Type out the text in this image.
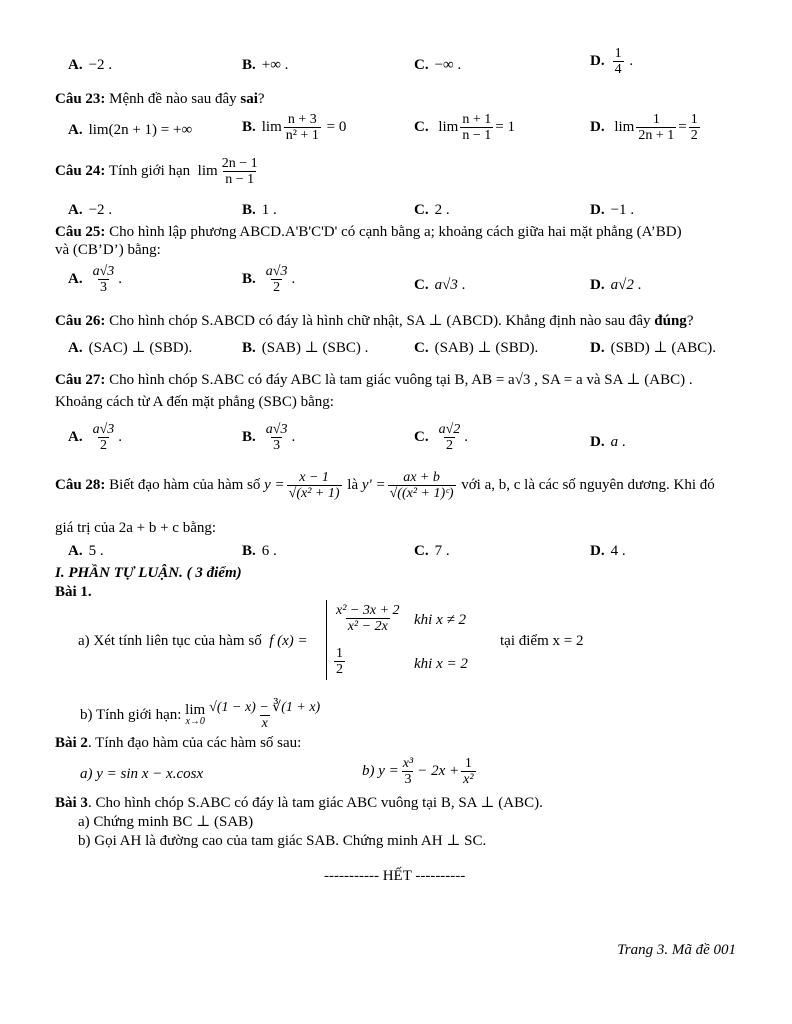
A. −2 .	B. +∞ .	C. −∞ .	D. $\frac{1}{4}$ .
Câu 23: Mệnh đề nào sau đây sai?
A. lim(2n + 1) = +∞	B. $\lim \frac{n + 3}{\text{n² + 1}} = 0$	C. $\lim \frac{n + 1}{n - 1} = 1$	D. $\lim \frac{1}{2n + 1} = \frac{1}{2}$
Câu 24: Tính giới hạn  $\lim \frac{2n - 1}{n - 1}$
A. −2 .	B. 1 .	C. 2 .	D. −1 .
Câu 25: Cho hình lập phương ABCD.A'B'C'D' có cạnh bằng a; khoảng cách giữa hai mặt phẳng (A’BD)
và (CB’D’) bằng:
A. $\frac{a√3}{3}$ .	B. $\frac{a√3}{2}$ .	C. a√3 .	D. a√2 .
Câu 26: Cho hình chóp S.ABCD có đáy là hình chữ nhật, SA ⊥ (ABCD). Khẳng định nào sau đây đúng?
A. (SAC) ⊥ (SBD).	B. (SAB) ⊥ (SBC) .	C. (SAB) ⊥ (SBD).	D. (SBD) ⊥ (ABC).
Câu 27: Cho hình chóp S.ABC có đáy ABC là tam giác vuông tại B, AB = a√3 , SA = a và SA ⊥ (ABC) .
Khoảng cách từ A đến mặt phẳng (SBC) bằng:
A. $\frac{a√3}{2}$ .	B. $\frac{a√3}{3}$ .	C. $\frac{a√2}{2}$ .	D. a .
Câu 28: Biết đạo hàm của hàm số $y = \frac{x - 1}{\text{√(x² + 1)}}$ là $y' = \frac{ax + b}{\text{√((x² + 1)ᶜ)}}$ với a, b, c là các số nguyên dương. Khi đó
giá trị của 2a + b + c bằng:
A. 5 .	B. 6 .	C. 7 .	D. 4 .
I. PHẦN TỰ LUẬN. ( 3 điểm)
Bài 1.
a) Xét tính liên tục của hàm số f (x) =
$\frac{\text{x² − 3x + 2}}{\text{x² − 2x}}$ khi x ≠ 2
$\frac{1}{2}$	khi x = 2
tại điểm x = 2
b) Tính giới hạn: lim
$x\to 0 \frac{√(1 - x) - ∛(1 + x)}{x}$
Bài 2. Tính đạo hàm của các hàm số sau:
a) y = sin x − x.cosx	b) $y = \frac{\text{x³}}{3} - 2x + \frac{1}{\text{x²}}$
Bài 3. Cho hình chóp S.ABC có đáy là tam giác ABC vuông tại B, SA ⊥ (ABC).
a) Chứng minh BC ⊥ (SAB)
b) Gọi AH là đường cao của tam giác SAB. Chứng minh AH ⊥ SC.
----------- HẾT ----------
Trang 3. Mã đề 001
